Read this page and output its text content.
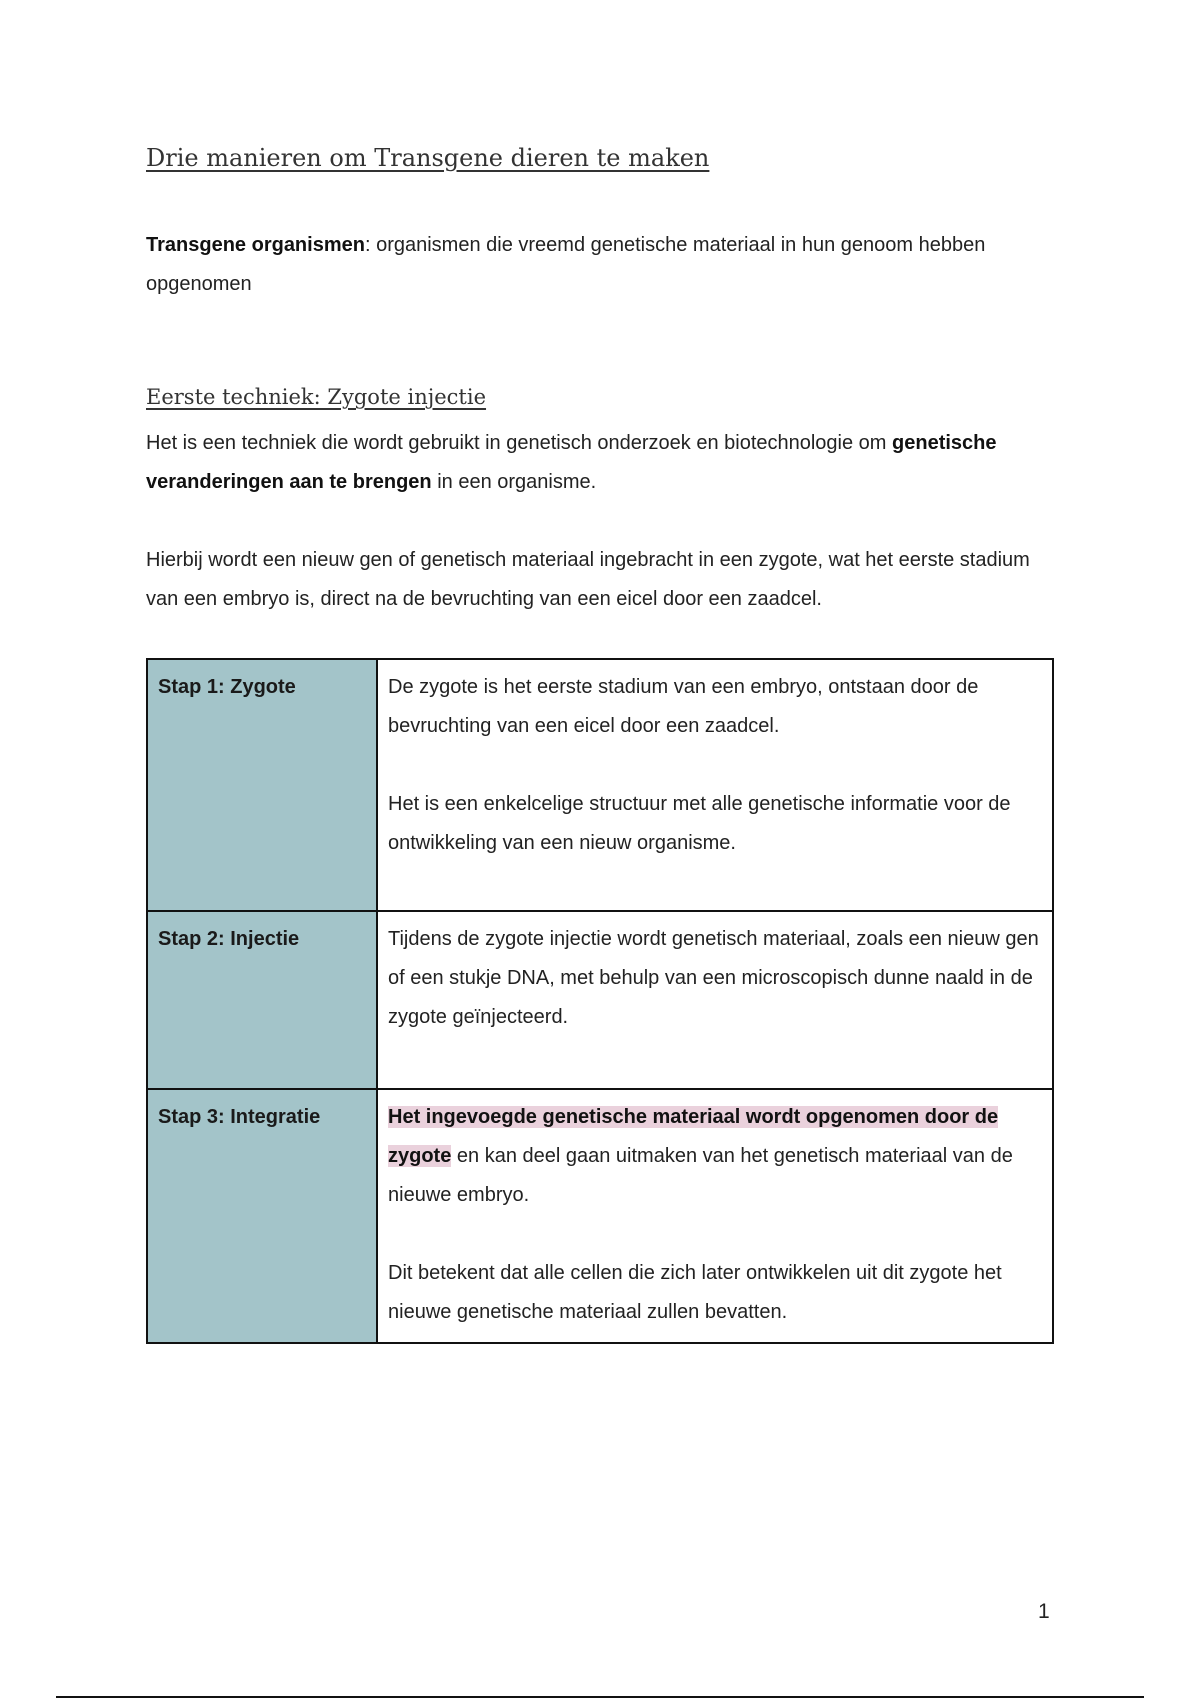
Drie manieren om Transgene dieren te maken

Transgene organismen: organismen die vreemd genetische materiaal in hun genoom hebben opgenomen

Eerste techniek: Zygote injectie

Het is een techniek die wordt gebruikt in genetisch onderzoek en biotechnologie om genetische veranderingen aan te brengen in een organisme.

Hierbij wordt een nieuw gen of genetisch materiaal ingebracht in een zygote, wat het eerste stadium van een embryo is, direct na de bevruchting van een eicel door een zaadcel.

Stap 1: Zygote	De zygote is het eerste stadium van een embryo, ontstaan door de bevruchting van een eicel door een zaadcel.

Het is een enkelcelige structuur met alle genetische informatie voor de ontwikkeling van een nieuw organisme.

Stap 2: Injectie	Tijdens de zygote injectie wordt genetisch materiaal, zoals een nieuw gen of een stukje DNA, met behulp van een microscopisch dunne naald in de zygote geïnjecteerd.

Stap 3: Integratie	Het ingevoegde genetische materiaal wordt opgenomen door de zygote en kan deel gaan uitmaken van het genetisch materiaal van de nieuwe embryo.

Dit betekent dat alle cellen die zich later ontwikkelen uit dit zygote het nieuwe genetische materiaal zullen bevatten.

1
